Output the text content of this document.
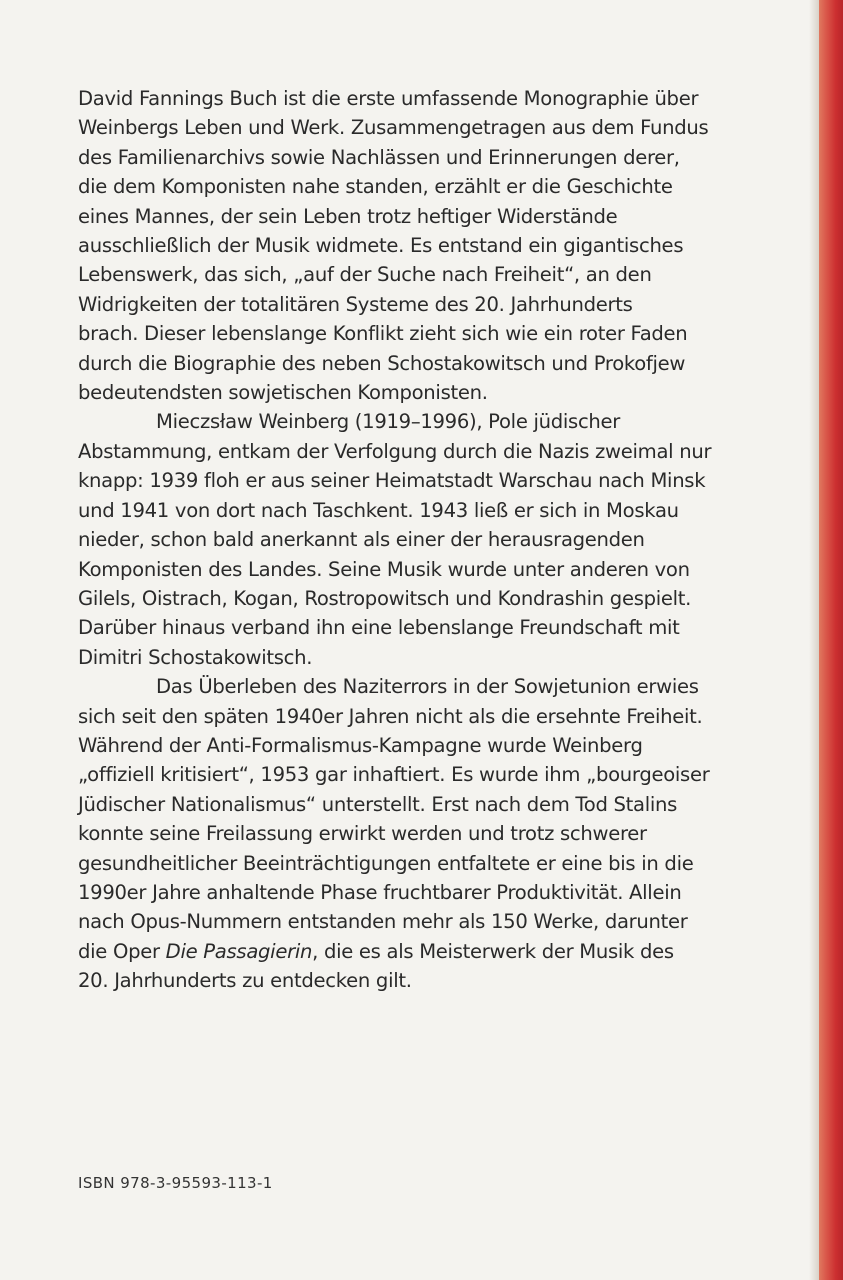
David Fannings Buch ist die erste umfassende Monographie über
Weinbergs Leben und Werk. Zusammengetragen aus dem Fundus
des Familienarchivs sowie Nachlässen und Erinnerungen derer,
die dem Komponisten nahe standen, erzählt er die Geschichte
eines Mannes, der sein Leben trotz heftiger Widerstände
ausschließlich der Musik widmete. Es entstand ein gigantisches
Lebenswerk, das sich, „auf der Suche nach Freiheit“, an den
Widrigkeiten der totalitären Systeme des 20. Jahrhunderts
brach. Dieser lebenslange Konflikt zieht sich wie ein roter Faden
durch die Biographie des neben Schostakowitsch und Prokofjew
bedeutendsten sowjetischen Komponisten.

Mieczsław Weinberg (1919–1996), Pole jüdischer
Abstammung, entkam der Verfolgung durch die Nazis zweimal nur
knapp: 1939 floh er aus seiner Heimatstadt Warschau nach Minsk
und 1941 von dort nach Taschkent. 1943 ließ er sich in Moskau
nieder, schon bald anerkannt als einer der herausragenden
Komponisten des Landes. Seine Musik wurde unter anderen von
Gilels, Oistrach, Kogan, Rostropowitsch und Kondrashin gespielt.
Darüber hinaus verband ihn eine lebenslange Freundschaft mit
Dimitri Schostakowitsch.

Das Überleben des Naziterrors in der Sowjetunion erwies
sich seit den späten 1940er Jahren nicht als die ersehnte Freiheit.
Während der Anti-Formalismus-Kampagne wurde Weinberg
„offiziell kritisiert“, 1953 gar inhaftiert. Es wurde ihm „bourgeoiser
Jüdischer Nationalismus“ unterstellt. Erst nach dem Tod Stalins
konnte seine Freilassung erwirkt werden und trotz schwerer
gesundheitlicher Beeinträchtigungen entfaltete er eine bis in die
1990er Jahre anhaltende Phase fruchtbarer Produktivität. Allein
nach Opus-Nummern entstanden mehr als 150 Werke, darunter
die Oper Die Passagierin, die es als Meisterwerk der Musik des
20. Jahrhunderts zu entdecken gilt.

ISBN 978-3-95593-113-1
